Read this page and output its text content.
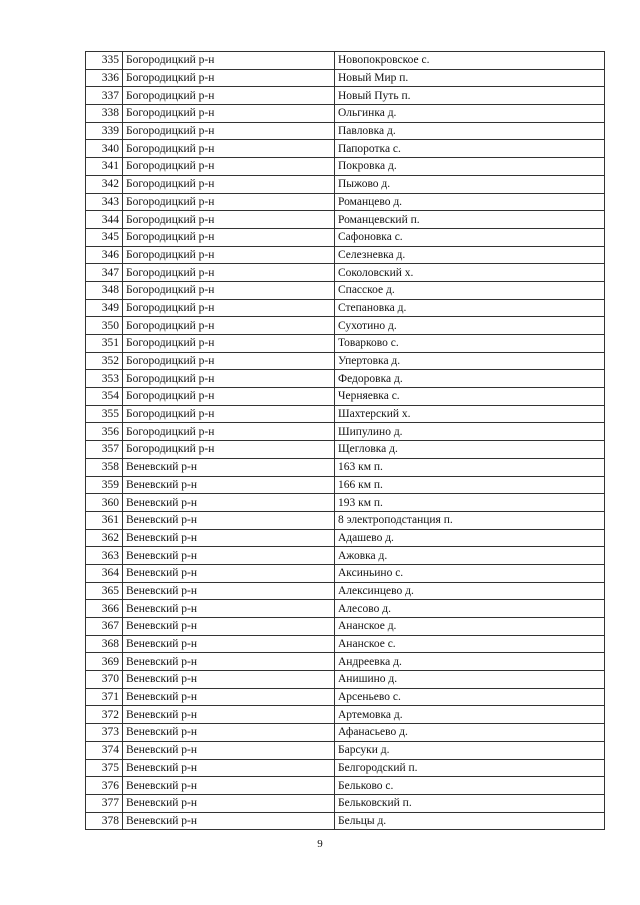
335	Богородицкий р-н	Новопокровское с.
336	Богородицкий р-н	Новый Мир п.
337	Богородицкий р-н	Новый Путь п.
338	Богородицкий р-н	Ольгинка д.
339	Богородицкий р-н	Павловка д.
340	Богородицкий р-н	Папоротка с.
341	Богородицкий р-н	Покровка д.
342	Богородицкий р-н	Пыжово д.
343	Богородицкий р-н	Романцево д.
344	Богородицкий р-н	Романцевский п.
345	Богородицкий р-н	Сафоновка с.
346	Богородицкий р-н	Селезневка д.
347	Богородицкий р-н	Соколовский х.
348	Богородицкий р-н	Спасское д.
349	Богородицкий р-н	Степановка д.
350	Богородицкий р-н	Сухотино д.
351	Богородицкий р-н	Товарково с.
352	Богородицкий р-н	Упертовка д.
353	Богородицкий р-н	Федоровка д.
354	Богородицкий р-н	Черняевка с.
355	Богородицкий р-н	Шахтерский х.
356	Богородицкий р-н	Шипулино д.
357	Богородицкий р-н	Щегловка д.
358	Веневский р-н	163 км п.
359	Веневский р-н	166 км п.
360	Веневский р-н	193 км п.
361	Веневский р-н	8 электроподстанция п.
362	Веневский р-н	Адашево д.
363	Веневский р-н	Ажовка д.
364	Веневский р-н	Аксиньино с.
365	Веневский р-н	Алексинцево д.
366	Веневский р-н	Алесово д.
367	Веневский р-н	Ананское д.
368	Веневский р-н	Ананское с.
369	Веневский р-н	Андреевка д.
370	Веневский р-н	Анишино д.
371	Веневский р-н	Арсеньево с.
372	Веневский р-н	Артемовка д.
373	Веневский р-н	Афанасьево д.
374	Веневский р-н	Барсуки д.
375	Веневский р-н	Белгородский п.
376	Веневский р-н	Бельково с.
377	Веневский р-н	Бельковский п.
378	Веневский р-н	Бельцы д.
9
